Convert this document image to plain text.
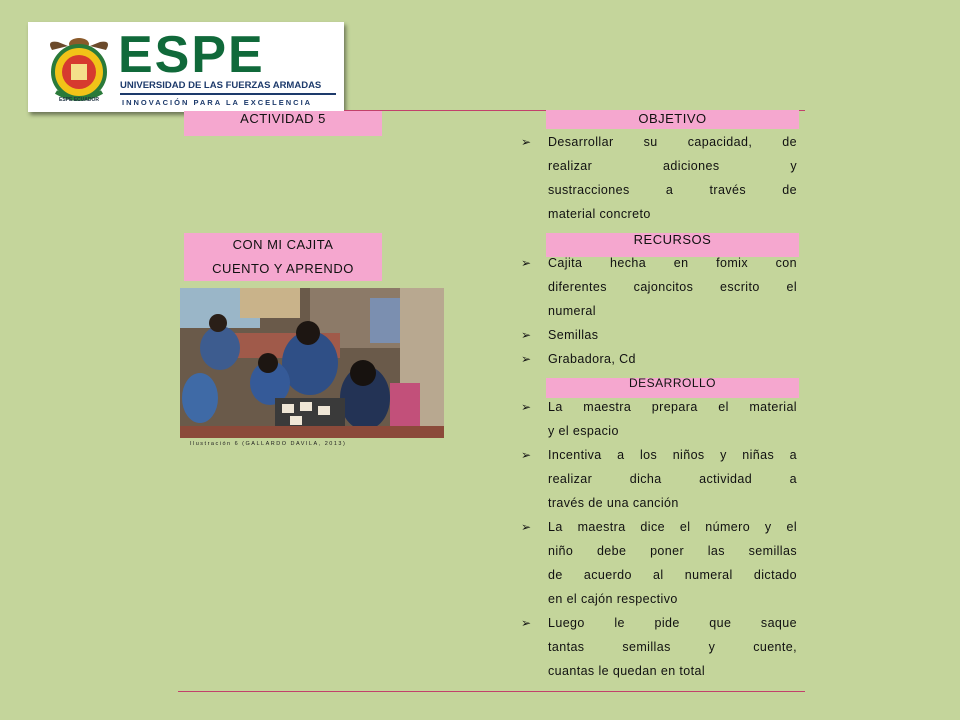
ESPE ECUADOR
ESPE
UNIVERSIDAD DE LAS FUERZAS ARMADAS
INNOVACIÓN PARA LA EXCELENCIA
ACTIVIDAD 5
CON MI CAJITA
CUENTO Y APRENDO
Ilustración 6 (GALLARDO DAVILA, 2013)
OBJETIVO
RECURSOS
DESARROLLO
➢ Desarrollar su capacidad, de
realizar adiciones y
sustracciones a través de
material concreto
➢ Cajita hecha en fomix con
diferentes cajoncitos escrito el
numeral
➢ Semillas
➢ Grabadora, Cd
➢ La maestra prepara el material
y el espacio
➢ Incentiva a los niños y niñas a
realizar dicha actividad a
través de una canción
➢ La maestra dice el número y el
niño debe poner las semillas
de acuerdo al numeral dictado
en el cajón respectivo
➢ Luego le pide que saque
tantas semillas y cuente,
cuantas le quedan en total
